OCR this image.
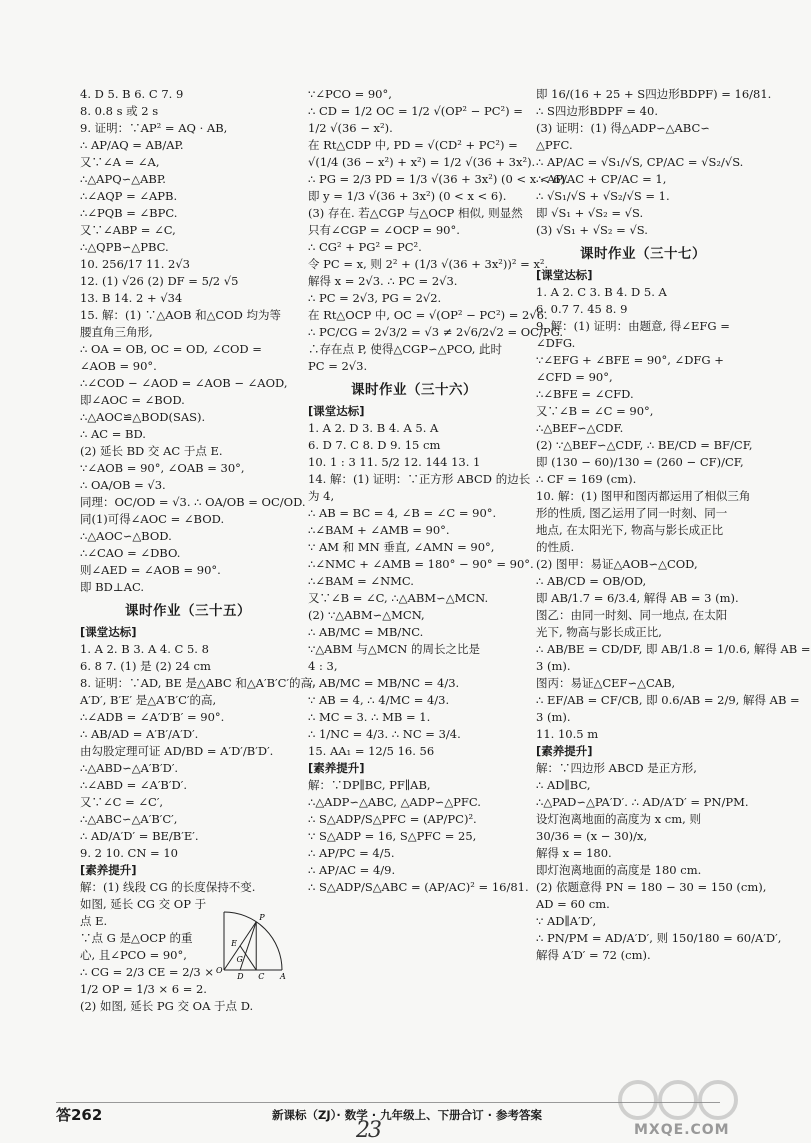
4. D 5. B 6. C 7. 9
8. 0.8 s 或 2 s
9. 证明：∵AP² = AQ · AB,
∴ AP/AQ = AB/AP.
又∵∠A = ∠A,
∴△APQ∽△ABP.
∴∠AQP = ∠APB.
∴∠PQB = ∠BPC.
又∵∠ABP = ∠C,
∴△QPB∽△PBC.
10. 256/17 11. 2√3
12. (1) √26 (2) DF = 5/2 √5
13. B 14. 2 + √34
15. 解：(1) ∵△AOB 和△COD 均为等
腰直角三角形,
∴ OA = OB, OC = OD, ∠COD =
∠AOB = 90°.
∴∠COD − ∠AOD = ∠AOB − ∠AOD,
即∠AOC = ∠BOD.
∴△AOC≌△BOD(SAS).
∴ AC = BD.
(2) 延长 BD 交 AC 于点 E.
∵∠AOB = 90°, ∠OAB = 30°,
∴ OA/OB = √3.
同理：OC/OD = √3. ∴ OA/OB = OC/OD.
同(1)可得∠AOC = ∠BOD.
∴△AOC∽△BOD.
∴∠CAO = ∠DBO.
则∠AED = ∠AOB = 90°.
即 BD⊥AC.
课时作业（三十五）
[课堂达标]
1. A 2. B 3. A 4. C 5. 8
6. 8 7. (1) 是 (2) 24 cm
8. 证明：∵AD, BE 是△ABC 和△A′B′C′的高,
A′D′, B′E′ 是△A′B′C′的高,
∴∠ADB = ∠A′D′B′ = 90°.
∴ AB/AD = A′B′/A′D′.
由勾股定理可证 AD/BD = A′D′/B′D′.
∴△ABD∽△A′B′D′.
∴∠ABD = ∠A′B′D′.
又∵∠C = ∠C′,
∴△ABC∽△A′B′C′,
∴ AD/A′D′ = BE/B′E′.
9. 2 10. CN = 10
[素养提升]
解：(1) 线段 CG 的长度保持不变.
如图, 延长 CG 交 OP 于
点 E.
∵点 G 是△OCP 的重
心, 且∠PCO = 90°,
∴ CG = 2/3 CE = 2/3 ×
1/2 OP = 1/3 × 6 = 2.
(2) 如图, 延长 PG 交 OA 于点 D.
P
C
E
G
D
O
A
∵∠PCO = 90°,
∴ CD = 1/2 OC = 1/2 √(OP² − PC²) =
1/2 √(36 − x²).
在 Rt△CDP 中, PD = √(CD² + PC²) =
√(1/4 (36 − x²) + x²) = 1/2 √(36 + 3x²).
∴ PG = 2/3 PD = 1/3 √(36 + 3x²) (0 < x < 6).
即 y = 1/3 √(36 + 3x²) (0 < x < 6).
(3) 存在. 若△CGP 与△OCP 相似, 则显然
只有∠CGP = ∠OCP = 90°.
∴ CG² + PG² = PC².
令 PC = x, 则 2² + (1/3 √(36 + 3x²))² = x².
解得 x = 2√3. ∴ PC = 2√3.
∴ PC = 2√3, PG = 2√2.
在 Rt△OCP 中, OC = √(OP² − PC²) = 2√6.
∴ PC/CG = 2√3/2 = √3 ≠ 2√6/2√2 = OC/PG.
∴存在点 P, 使得△CGP∽△PCO, 此时
PC = 2√3.
课时作业（三十六）
[课堂达标]
1. A 2. D 3. B 4. A 5. A
6. D 7. C 8. D 9. 15 cm
10. 1 : 3 11. 5/2 12. 144 13. 1
14. 解：(1) 证明：∵正方形 ABCD 的边长
为 4,
∴ AB = BC = 4, ∠B = ∠C = 90°.
∴∠BAM + ∠AMB = 90°.
∵ AM 和 MN 垂直, ∠AMN = 90°,
∴∠NMC + ∠AMB = 180° − 90° = 90°.
∴∠BAM = ∠NMC.
又∵∠B = ∠C, ∴△ABM∽△MCN.
(2) ∵△ABM∽△MCN,
∴ AB/MC = MB/NC.
∵△ABM 与△MCN 的周长之比是
4 : 3,
∴ AB/MC = MB/NC = 4/3.
∵ AB = 4, ∴ 4/MC = 4/3.
∴ MC = 3. ∴ MB = 1.
∴ 1/NC = 4/3. ∴ NC = 3/4.
15. AA₁ = 12/5 16. 56
[素养提升]
解：∵DP∥BC, PF∥AB,
∴△ADP∽△ABC, △ADP∽△PFC.
∴ S△ADP/S△PFC = (AP/PC)².
∵ S△ADP = 16, S△PFC = 25,
∴ AP/PC = 4/5.
∴ AP/AC = 4/9.
∴ S△ADP/S△ABC = (AP/AC)² = 16/81.
即 16/(16 + 25 + S四边形BDPF) = 16/81.
∴ S四边形BDPF = 40.
(3) 证明：(1) 得△ADP∽△ABC∽
△PFC.
∴ AP/AC = √S₁/√S, CP/AC = √S₂/√S.
∴ AP/AC + CP/AC = 1,
∴ √S₁/√S + √S₂/√S = 1.
即 √S₁ + √S₂ = √S.
(3) √S₁ + √S₂ = √S.
课时作业（三十七）
[课堂达标]
1. A 2. C 3. B 4. D 5. A
6. 0.7 7. 45 8. 9
9. 解：(1) 证明：由题意, 得∠EFG =
∠DFG.
∵∠EFG + ∠BFE = 90°, ∠DFG +
∠CFD = 90°,
∴∠BFE = ∠CFD.
又∵∠B = ∠C = 90°,
∴△BEF∽△CDF.
(2) ∵△BEF∽△CDF, ∴ BE/CD = BF/CF,
即 (130 − 60)/130 = (260 − CF)/CF,
∴ CF = 169 (cm).
10. 解：(1) 图甲和图丙都运用了相似三角
形的性质, 图乙运用了同一时刻、同一
地点, 在太阳光下, 物高与影长成正比
的性质.
(2) 图甲：易证△AOB∽△COD,
∴ AB/CD = OB/OD,
即 AB/1.7 = 6/3.4, 解得 AB = 3 (m).
图乙：由同一时刻、同一地点, 在太阳
光下, 物高与影长成正比,
∴ AB/BE = CD/DF, 即 AB/1.8 = 1/0.6, 解得 AB =
3 (m).
图丙：易证△CEF∽△CAB,
∴ EF/AB = CF/CB, 即 0.6/AB = 2/9, 解得 AB =
3 (m).
11. 10.5 m
[素养提升]
解：∵四边形 ABCD 是正方形,
∴ AD∥BC,
∴△PAD∽△PA′D′. ∴ AD/A′D′ = PN/PM.
设灯泡离地面的高度为 x cm, 则
30/36 = (x − 30)/x,
解得 x = 180.
即灯泡离地面的高度是 180 cm.
(2) 依题意得 PN = 180 − 30 = 150 (cm),
AD = 60 cm.
∵ AD∥A′D′,
∴ PN/PM = AD/A′D′, 则 150/180 = 60/A′D′,
解得 A′D′ = 72 (cm).
答262	新课标（ZJ）· 数学 · 九年级上、下册合订 · 参考答案
23	MXQE.COM
